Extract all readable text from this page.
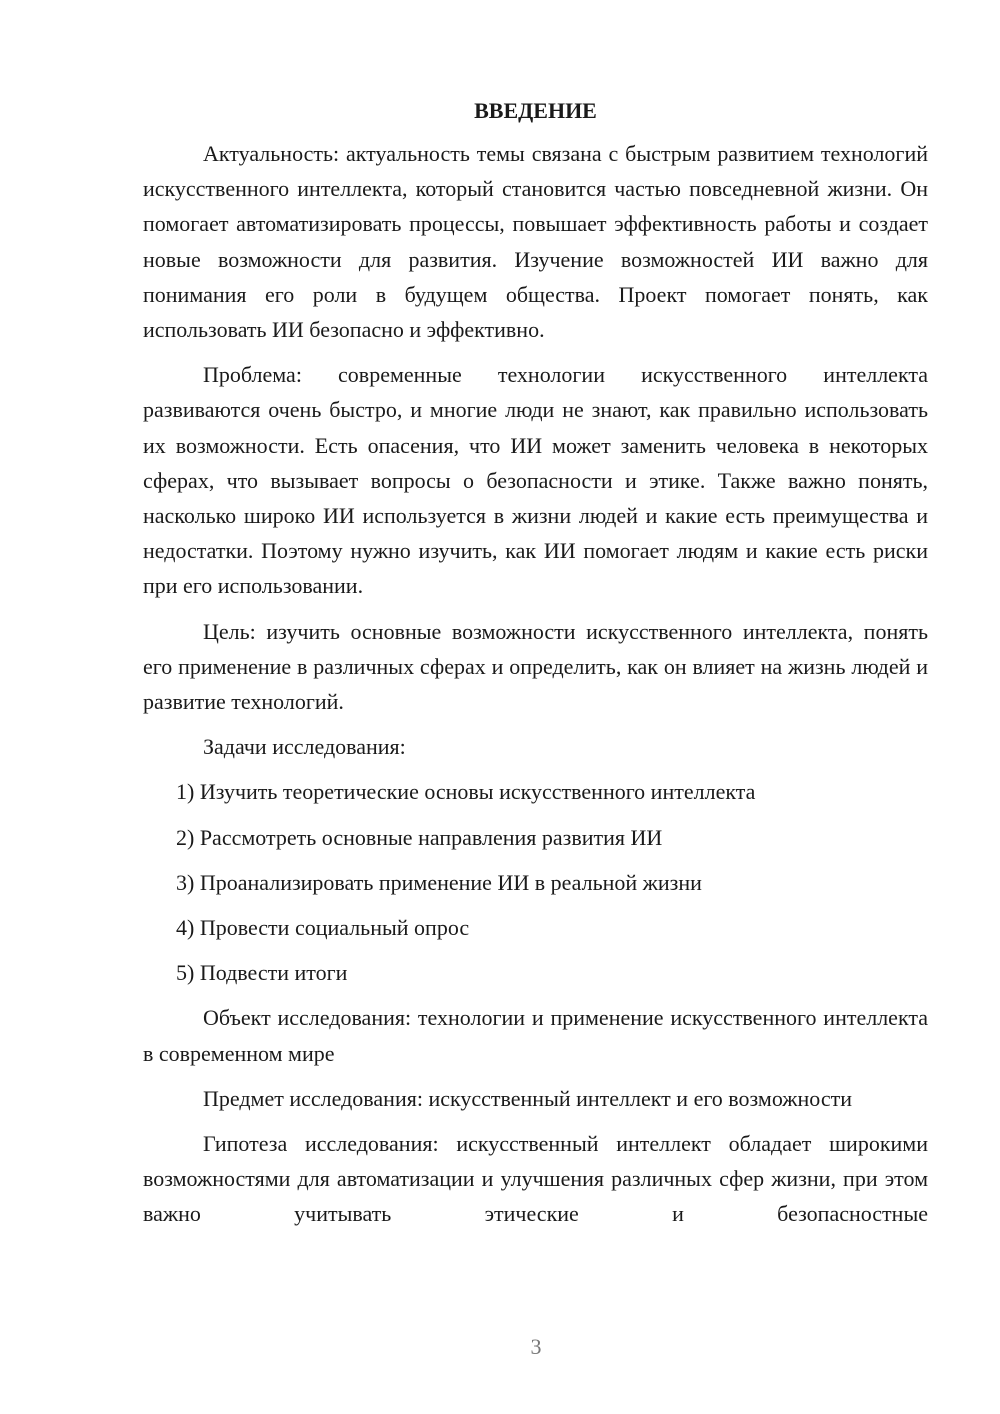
ВВЕДЕНИЕ

Актуальность: актуальность темы связана с быстрым развитием технологий искусственного интеллекта, который становится частью повседневной жизни. Он помогает автоматизировать процессы, повышает эффективность работы и создает новые возможности для развития. Изучение возможностей ИИ важно для понимания его роли в будущем общества. Проект помогает понять, как использовать ИИ безопасно и эффективно.

Проблема: современные технологии искусственного интеллекта развиваются очень быстро, и многие люди не знают, как правильно использовать их возможности. Есть опасения, что ИИ может заменить человека в некоторых сферах, что вызывает вопросы о безопасности и этике. Также важно понять, насколько широко ИИ используется в жизни людей и какие есть преимущества и недостатки. Поэтому нужно изучить, как ИИ помогает людям и какие есть риски при его использовании.

Цель: изучить основные возможности искусственного интеллекта, понять его применение в различных сферах и определить, как он влияет на жизнь людей и развитие технологий.

Задачи исследования:

1) Изучить теоретические основы искусственного интеллекта
2) Рассмотреть основные направления развития ИИ
3) Проанализировать применение ИИ в реальной жизни
4) Провести социальный опрос
5) Подвести итоги

Объект исследования: технологии и применение искусственного интеллекта в современном мире

Предмет исследования: искусственный интеллект и его возможности

Гипотеза исследования: искусственный интеллект обладает широкими возможностями для автоматизации и улучшения различных сфер жизни, при этом важно учитывать этические и безопасностные

3
